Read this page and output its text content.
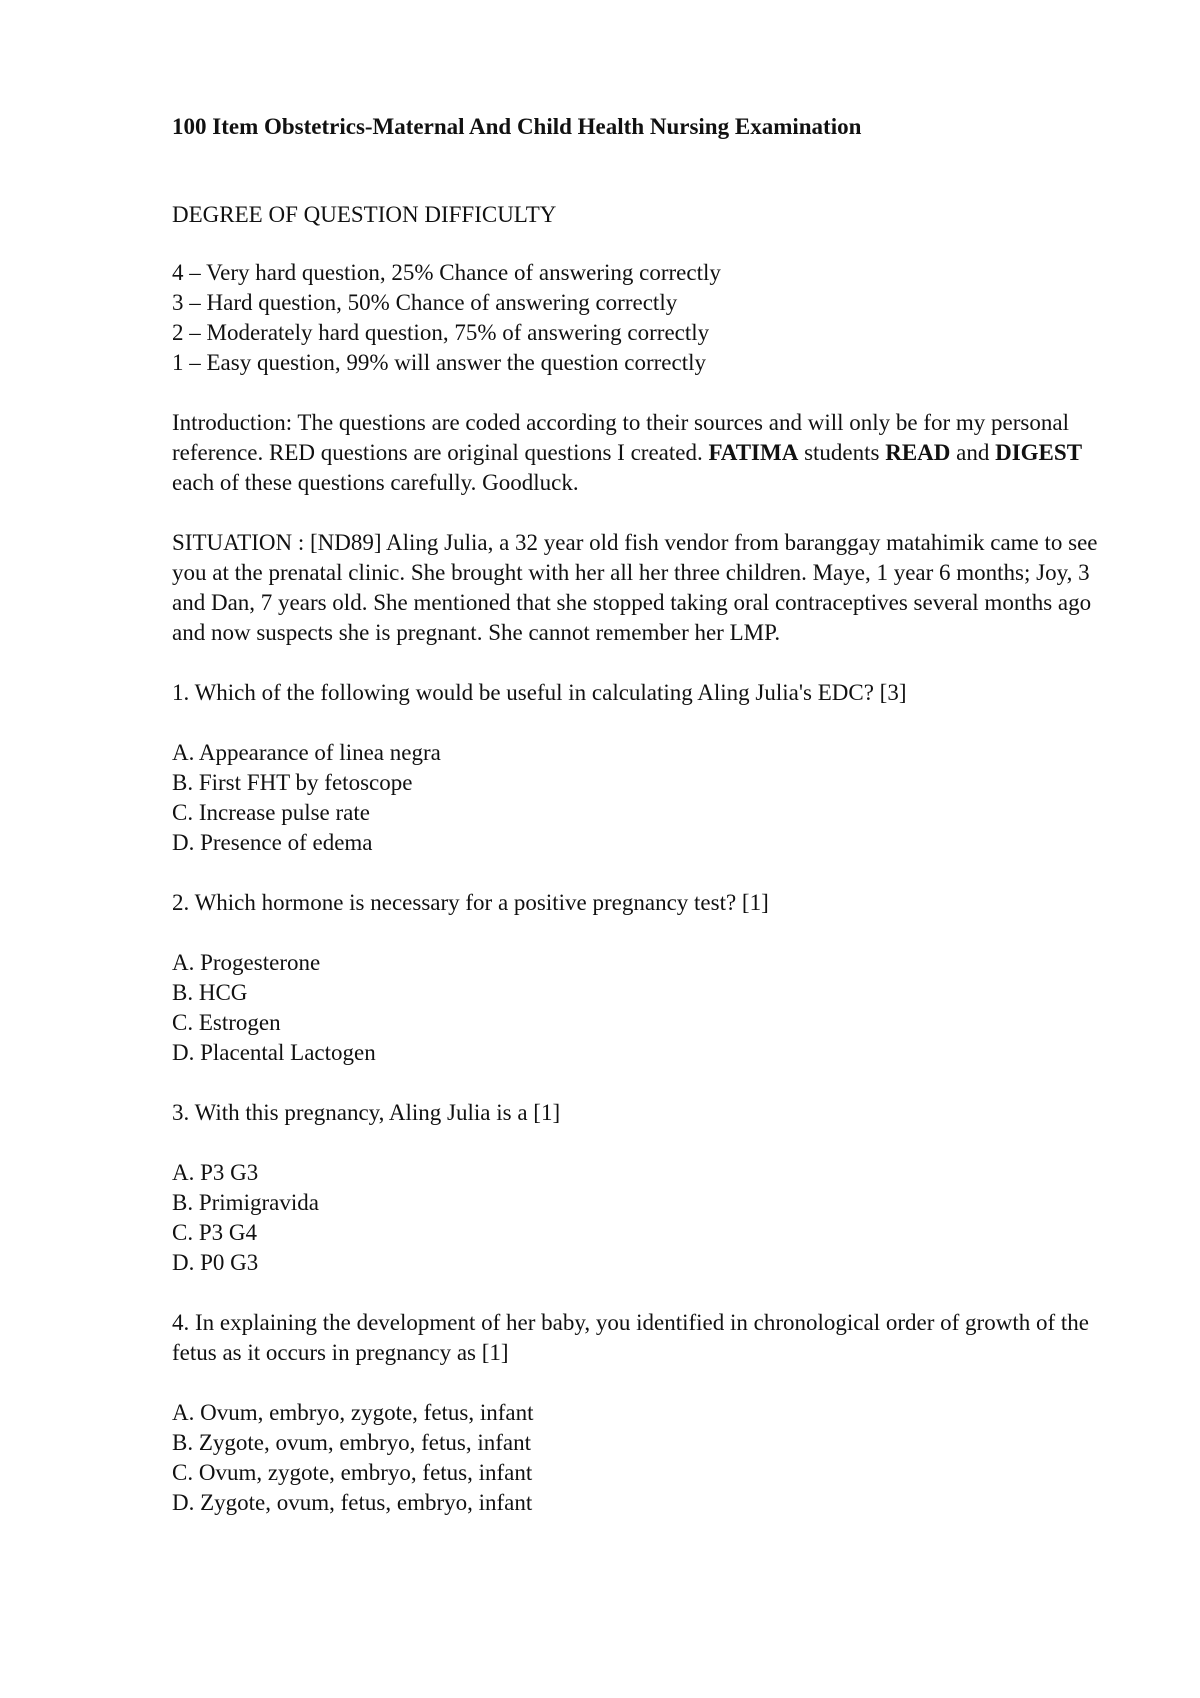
100 Item Obstetrics-Maternal And Child Health Nursing Examination

DEGREE OF QUESTION DIFFICULTY

4 – Very hard question, 25% Chance of answering correctly

3 – Hard question, 50% Chance of answering correctly

2 – Moderately hard question, 75% of answering correctly

1 – Easy question, 99% will answer the question correctly

Introduction: The questions are coded according to their sources and will only be for my personal reference. RED questions are original questions I created. FATIMA students READ and DIGEST each of these questions carefully. Goodluck.

SITUATION : [ND89] Aling Julia, a 32 year old fish vendor from baranggay matahimik came to see you at the prenatal clinic. She brought with her all her three children. Maye, 1 year 6 months; Joy, 3 and Dan, 7 years old. She mentioned that she stopped taking oral contraceptives several months ago and now suspects she is pregnant. She cannot remember her LMP.

1. Which of the following would be useful in calculating Aling Julia's EDC? [3]

A. Appearance of linea negra

B. First FHT by fetoscope

C. Increase pulse rate

D. Presence of edema

2. Which hormone is necessary for a positive pregnancy test? [1]

A. Progesterone

B. HCG

C. Estrogen

D. Placental Lactogen

3. With this pregnancy, Aling Julia is a [1]

A. P3 G3

B. Primigravida

C. P3 G4

D. P0 G3

4. In explaining the development of her baby, you identified in chronological order of growth of the fetus as it occurs in pregnancy as [1]

A. Ovum, embryo, zygote, fetus, infant

B. Zygote, ovum, embryo, fetus, infant

C. Ovum, zygote, embryo, fetus, infant

D. Zygote, ovum, fetus, embryo, infant
